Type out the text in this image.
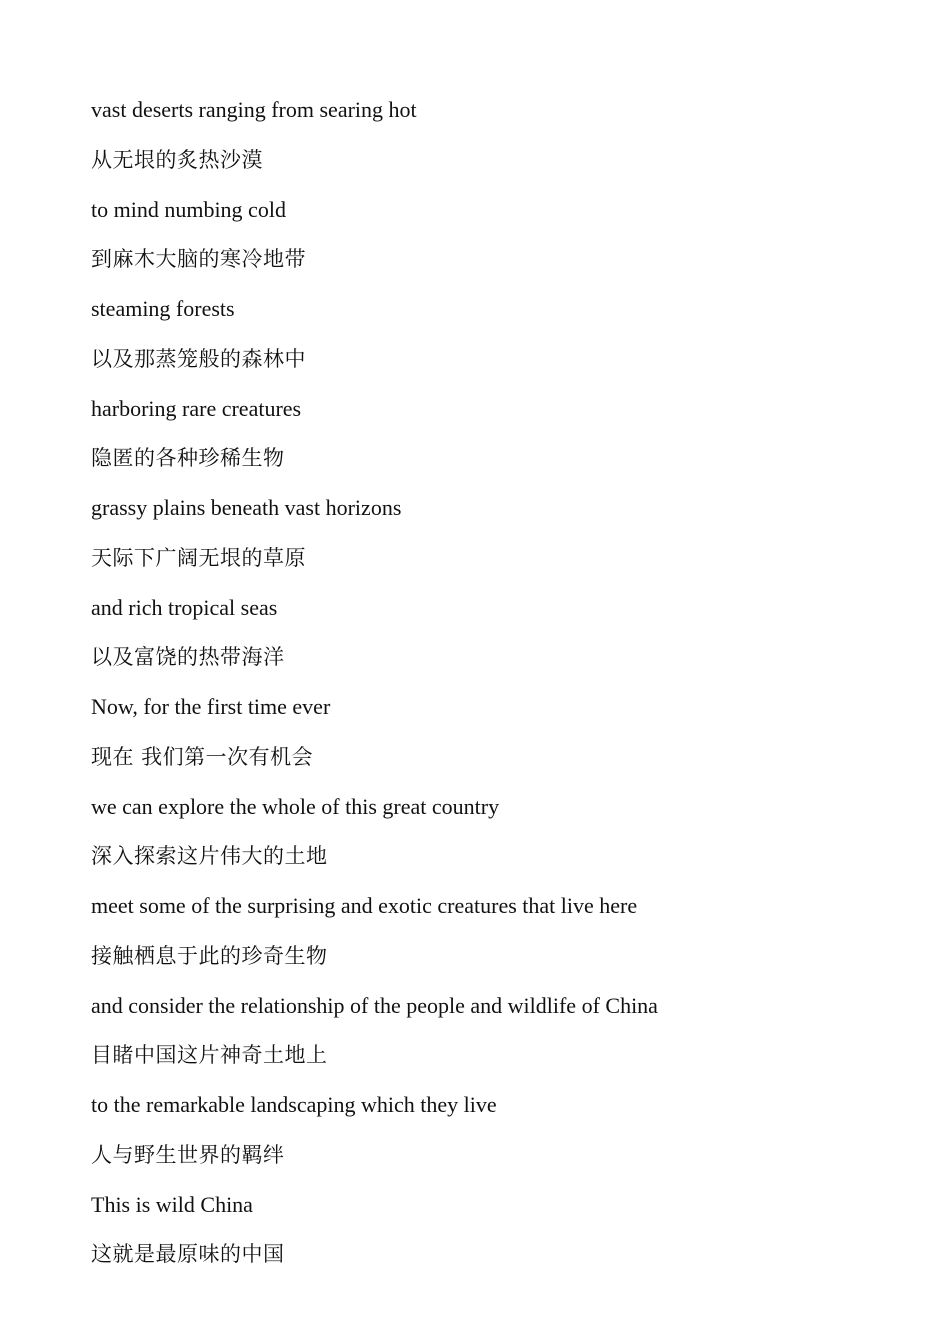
vast deserts ranging from searing hot
从无垠的炙热沙漠
to mind numbing cold
到麻木大脑的寒冷地带
steaming forests
以及那蒸笼般的森林中
harboring rare creatures
隐匿的各种珍稀生物
grassy plains beneath vast horizons
天际下广阔无垠的草原
and rich tropical seas
以及富饶的热带海洋
Now, for the first time ever
现在 我们第一次有机会
we can explore the whole of this great country
深入探索这片伟大的土地
meet some of the surprising and exotic creatures that live here
接触栖息于此的珍奇生物
and consider the relationship of the people and wildlife of China
目睹中国这片神奇土地上
to the remarkable landscaping which they live
人与野生世界的羁绊
This is wild China
这就是最原味的中国
